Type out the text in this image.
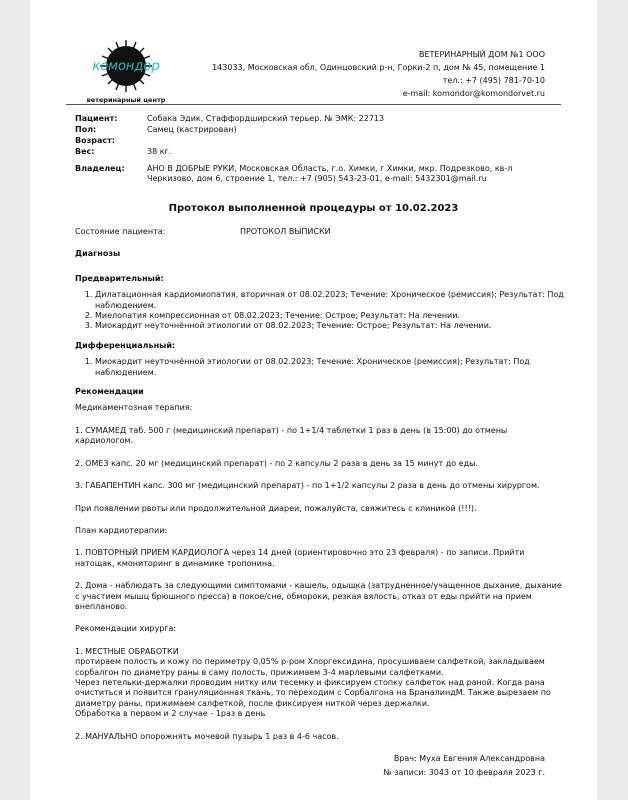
комондор
ветеринарный центр
ВЕТЕРИНАРНЫЙ ДОМ №1 ООО
143033, Московская обл, Одинцовский р-н, Горки-2 п, дом № 45, помещение 1
тел.: +7 (495) 781-70-10
e-mail: komondor@komondorvet.ru
Пациент:	Собака Эдик, Стаффордширский терьер. № ЭМК: 22713
Пол:	Самец (кастрирован)
Возраст:
Вес:	38 кг.
Владелец:	АНО В ДОБРЫЕ РУКИ, Московская Область, г.о. Химки, г Химки, мкр. Подрезково, кв-л Черкизово, дом 6, строение 1, тел.: +7 (905) 543-23-01, e-mail: 5432301@mail.ru
Протокол выполненной процедуры от 10.02.2023
Состояние пациента:	ПРОТОКОЛ ВЫПИСКИ
Диагнозы
Предварительный:
1. Дилатационная кардиомиопатия, вторичная от 08.02.2023; Течение: Хроническое (ремиссия); Результат: Под наблюдением.
2. Миелопатия компрессионная от 08.02.2023; Течение: Острое; Результат: На лечении.
3. Миокардит неуточнённой этиологии от 08.02.2023; Течение: Острое; Результат: На лечении.
Дифференциальный:
1. Миокардит неуточнённой этиологии от 08.02.2023; Течение: Хроническое (ремиссия); Результат: Под наблюдением.
Рекомендации

Медикаментозная терапия:

1. СУМАМЕД таб. 500 г (медицинский препарат) - по 1+1/4 таблетки 1 раз в день (в 15:00) до отмены кардиологом.

2. ОМЕЗ капс. 20 мг (медицинский препарат) - по 2 капсулы 2 раза в день за 15 минут до еды.

3. ГАБАПЕНТИН капс. 300 мг (медицинский препарат) - по 1+1/2 капсулы 2 раза в день до отмены хирургом.

При появлении рвоты или продолжительной диареи, пожалуйста, свяжитесь с клиникой (!!!).

План кардиотерапии:

1. ПОВТОРНЫЙ ПРИЕМ КАРДИОЛОГА через 14 дней (ориентировочно это 23 февраля) - по записи. Прийти натощак, кмониторинг в динамике тропонина.

2. Дома - наблюдать за следующими симптомами - кашель, одышка (затрудненное/учащенное дыхание, дыхание с участием мышц брюшного пресса) в покое/сне, обмороки, резкая вялость, отказ от еды прийти на прием внеплановo.

Рекомендации хирурга:

1. МЕСТНЫЕ ОБРАБОТКИ

протираем полость и кожу по периметру 0,05% р-ром Хлоргексидина, просушиваем салфеткой, закладываем сорбалгон по диаметру раны в саму полость, прижимаем 3-4 марлевыми салфетками.

Через петельки-держалки проводим нитку или тесемку и фиксируем стопку салфеток над раной. Когда рана очиститься и появится грануляционная ткань, то переходим с Сорбалгона на БраналиндМ. Также вырезаем по диаметру раны, прижимаем салфеткой, после фиксируем ниткой через держалки.

Обработка в первом и 2 случае - 1раз в день

2. МАНУАЛЬНО опорожнять мочевой пузырь 1 раз в 4-6 часов.

Врач: Муха Евгения Александровна
№ записи: 3043 от 10 февраля 2023 г.
